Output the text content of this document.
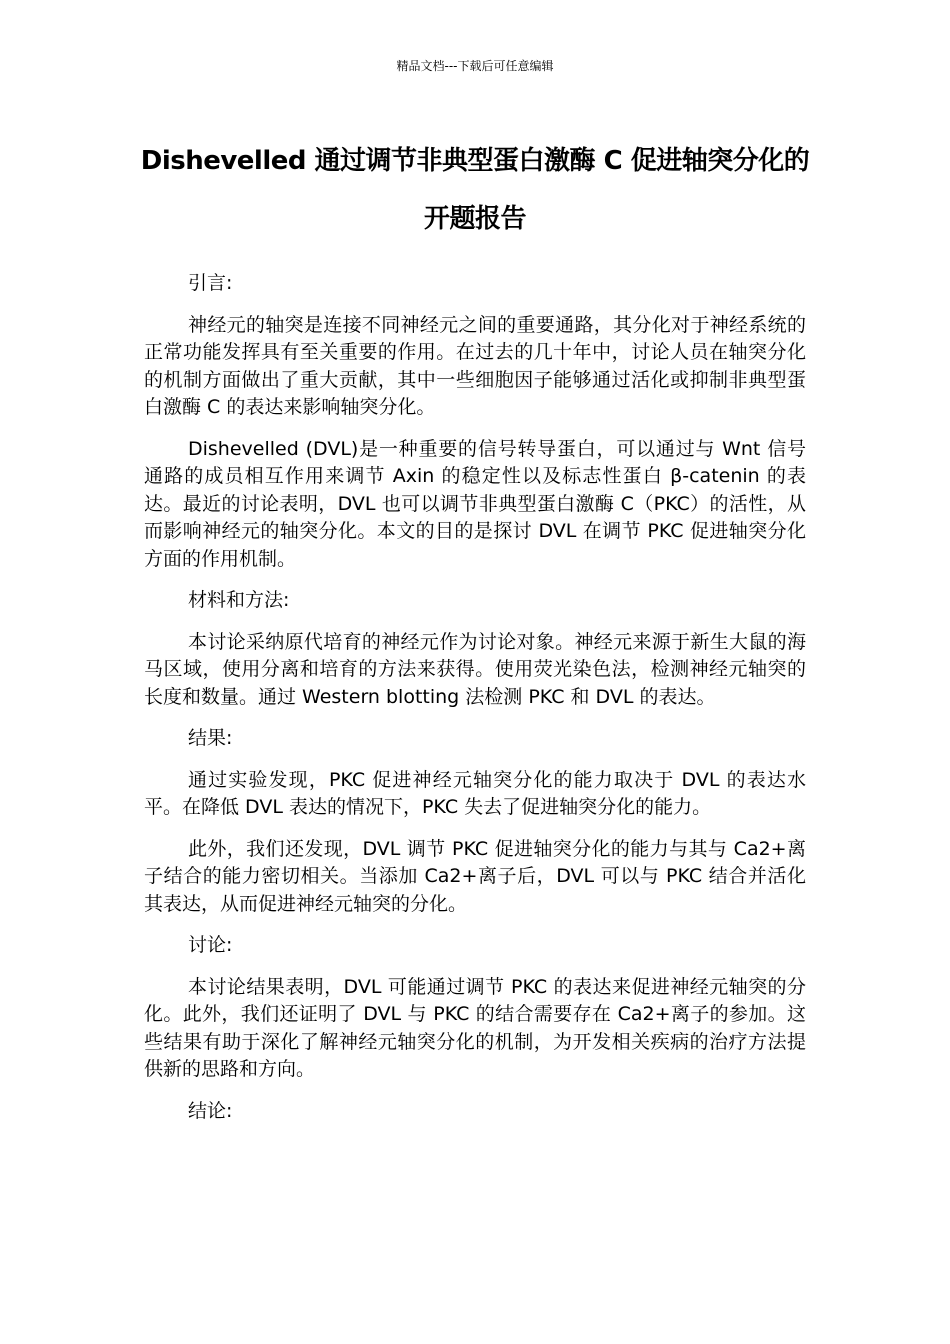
精品文档---下载后可任意编辑
Dishevelled 通过调节非典型蛋白激酶 C 促进轴突分化的开题报告

引言:

神经元的轴突是连接不同神经元之间的重要通路，其分化对于神经系统的正常功能发挥具有至关重要的作用。在过去的几十年中，讨论人员在轴突分化的机制方面做出了重大贡献，其中一些细胞因子能够通过活化或抑制非典型蛋白激酶 C 的表达来影响轴突分化。

Dishevelled (DVL)是一种重要的信号转导蛋白，可以通过与 Wnt 信号通路的成员相互作用来调节 Axin 的稳定性以及标志性蛋白 β-catenin 的表达。最近的讨论表明，DVL 也可以调节非典型蛋白激酶 C（PKC）的活性，从而影响神经元的轴突分化。本文的目的是探讨 DVL 在调节 PKC 促进轴突分化方面的作用机制。

材料和方法:

本讨论采纳原代培育的神经元作为讨论对象。神经元来源于新生大鼠的海马区域，使用分离和培育的方法来获得。使用荧光染色法，检测神经元轴突的长度和数量。通过 Western blotting 法检测 PKC 和 DVL 的表达。

结果:

通过实验发现，PKC 促进神经元轴突分化的能力取决于 DVL 的表达水平。在降低 DVL 表达的情况下，PKC 失去了促进轴突分化的能力。

此外，我们还发现，DVL 调节 PKC 促进轴突分化的能力与其与 Ca2+离子结合的能力密切相关。当添加 Ca2+离子后，DVL 可以与 PKC 结合并活化其表达，从而促进神经元轴突的分化。

讨论:

本讨论结果表明，DVL 可能通过调节 PKC 的表达来促进神经元轴突的分化。此外，我们还证明了 DVL 与 PKC 的结合需要存在 Ca2+离子的参加。这些结果有助于深化了解神经元轴突分化的机制，为开发相关疾病的治疗方法提供新的思路和方向。

结论:
